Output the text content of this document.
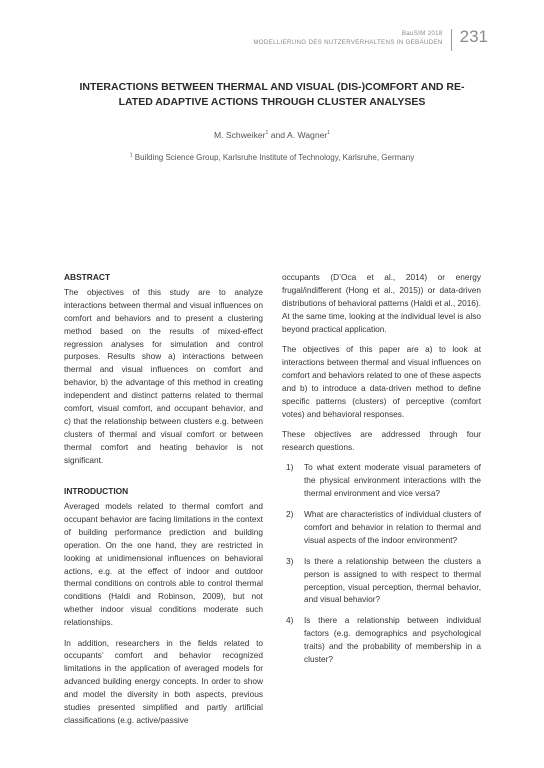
BauSIM 2018
MODELLIERUNG DES NUTZERVERHALTENS IN GEBÄUDEN 231
INTERACTIONS BETWEEN THERMAL AND VISUAL (DIS-)COMFORT AND RE-
LATED ADAPTIVE ACTIONS THROUGH CLUSTER ANALYSES
M. Schweiker$^1$ and A. Wagner$^1$
$^1$ Building Science Group, Karlsruhe Institute of Technology, Karlsruhe, Germany
ABSTRACT

The objectives of this study are to analyze interactions between thermal and visual influences on comfort and behaviors and to present a clustering method based on the results of mixed-effect regression analyses for simulation and control purposes. Results show a) interactions between thermal and visual influences on comfort and behavior, b) the advantage of this method in creating independent and distinct patterns related to thermal comfort, visual comfort, and occupant behavior, and c) that the relationship between clusters e.g. between clusters of thermal and visual comfort or between thermal comfort and heating behavior is not significant.

INTRODUCTION

Averaged models related to thermal comfort and occupant behavior are facing limitations in the context of building performance prediction and building operation. On the one hand, they are restricted in looking at unidimensional influences on behavioral actions, e.g. at the effect of indoor and outdoor thermal conditions on controls able to control thermal conditions (Haldi and Robinson, 2009), but not whether indoor visual conditions moderate such relationships.

In addition, researchers in the fields related to occupants’ comfort and behavior recognized limitations in the application of averaged models for advanced building energy concepts. In order to show and model the diversity in both aspects, previous studies presented simplified and partly artificial classifications (e.g. active/passive

occupants (D’Oca et al., 2014) or energy frugal/indifferent (Hong et al., 2015)) or data-driven distributions of behavioral patterns (Haldi et al., 2016). At the same time, looking at the individual level is also beyond practical application.

The objectives of this paper are a) to look at interactions between thermal and visual influences on comfort and behaviors related to one of these aspects and b) to introduce a data-driven method to define specific patterns (clusters) of perceptive (comfort votes) and behavioral responses.

These objectives are addressed through four research questions.

1) To what extent moderate visual parameters of the physical environment interactions with the thermal environment and vice versa?
2) What are characteristics of individual clusters of comfort and behavior in relation to thermal and visual aspects of the indoor environment?
3) Is there a relationship between the clusters a person is assigned to with respect to thermal perception, visual perception, thermal behavior, and visual behavior?
4) Is there a relationship between individual factors (e.g. demographics and psychological traits) and the probability of membership in a cluster?
